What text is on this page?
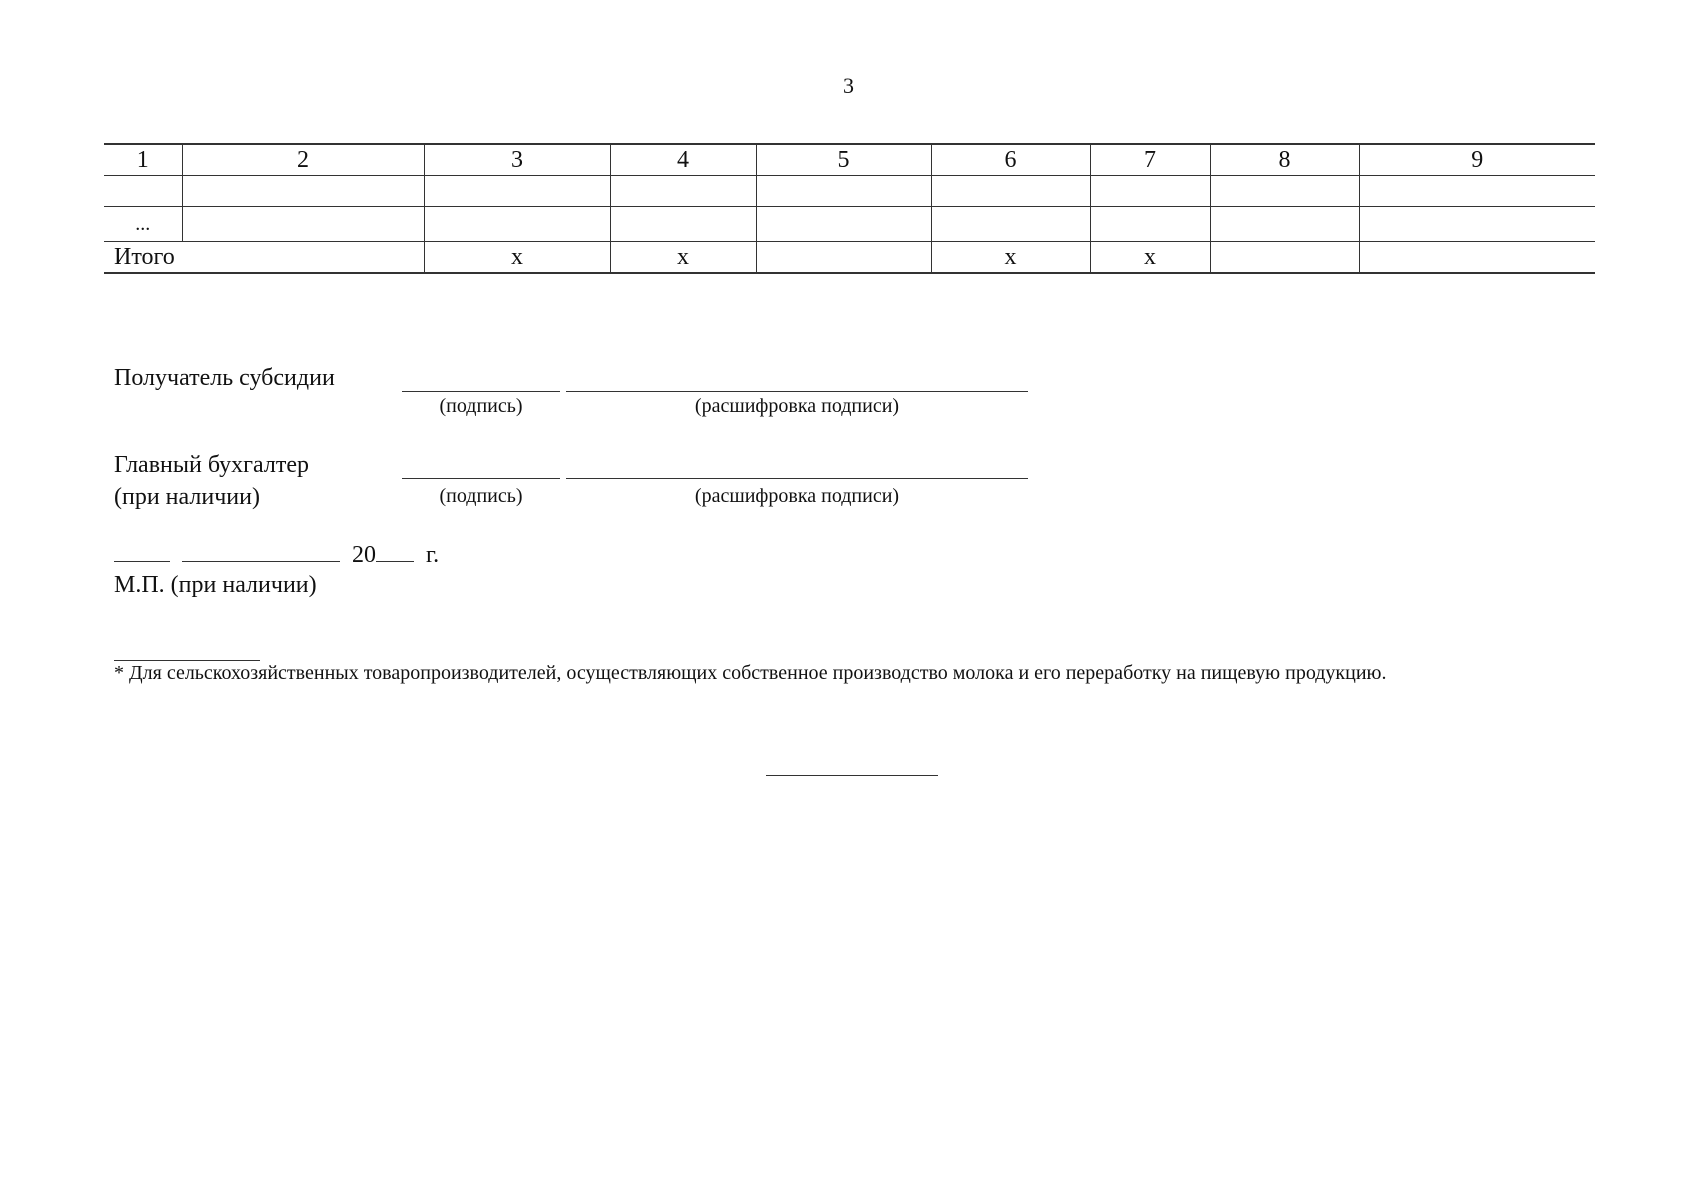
3
1	2	3	4	5	6	7	8	9

...								
Итого		х	х		х	х		
Получатель субсидии
(подпись)	(расшифровка подписи)
Главный бухгалтер
(при наличии)	(подпись)	(расшифровка подписи)
20 г.
М.П. (при наличии)
* Для сельскохозяйственных товаропроизводителей, осуществляющих собственное производство молока и его переработку на пищевую продукцию.
